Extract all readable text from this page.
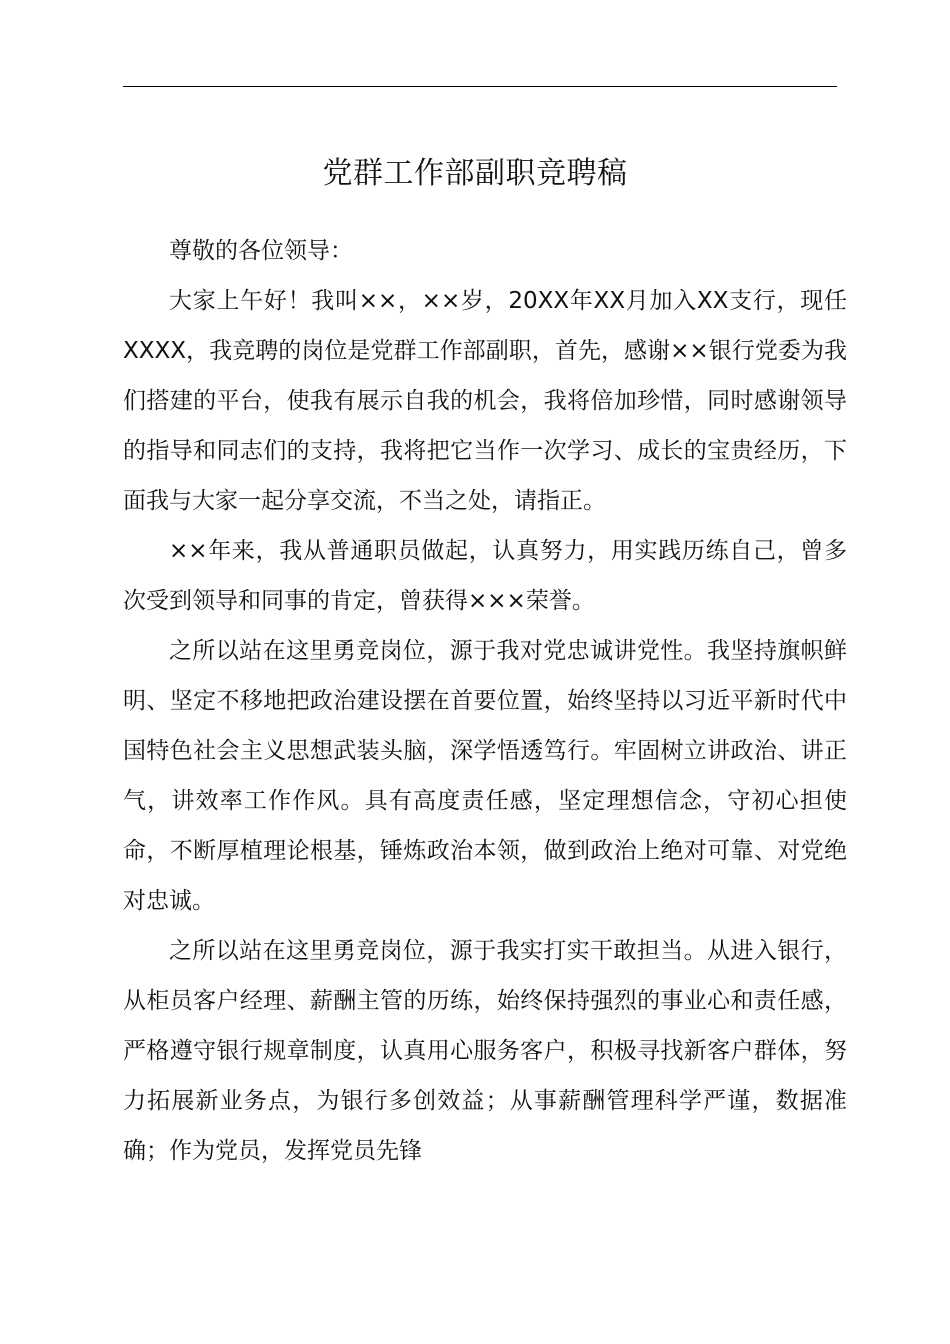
党群工作部副职竞聘稿

尊敬的各位领导：

大家上午好！我叫××，××岁，20XX年XX月加入XX支行，现任XXXX，我竞聘的岗位是党群工作部副职，首先，感谢××银行党委为我们搭建的平台，使我有展示自我的机会，我将倍加珍惜，同时感谢领导的指导和同志们的支持，我将把它当作一次学习、成长的宝贵经历，下面我与大家一起分享交流，不当之处，请指正。

××年来，我从普通职员做起，认真努力，用实践历练自己，曾多次受到领导和同事的肯定，曾获得×××荣誉。

之所以站在这里勇竞岗位，源于我对党忠诚讲党性。我坚持旗帜鲜明、坚定不移地把政治建设摆在首要位置，始终坚持以习近平新时代中国特色社会主义思想武装头脑，深学悟透笃行。牢固树立讲政治、讲正气，讲效率工作作风。具有高度责任感，坚定理想信念，守初心担使命，不断厚植理论根基，锤炼政治本领，做到政治上绝对可靠、对党绝对忠诚。

之所以站在这里勇竞岗位，源于我实打实干敢担当。从进入银行，从柜员客户经理、薪酬主管的历练，始终保持强烈的事业心和责任感，严格遵守银行规章制度，认真用心服务客户，积极寻找新客户群体，努力拓展新业务点，为银行多创效益；从事薪酬管理科学严谨，数据准确；作为党员，发挥党员先锋
